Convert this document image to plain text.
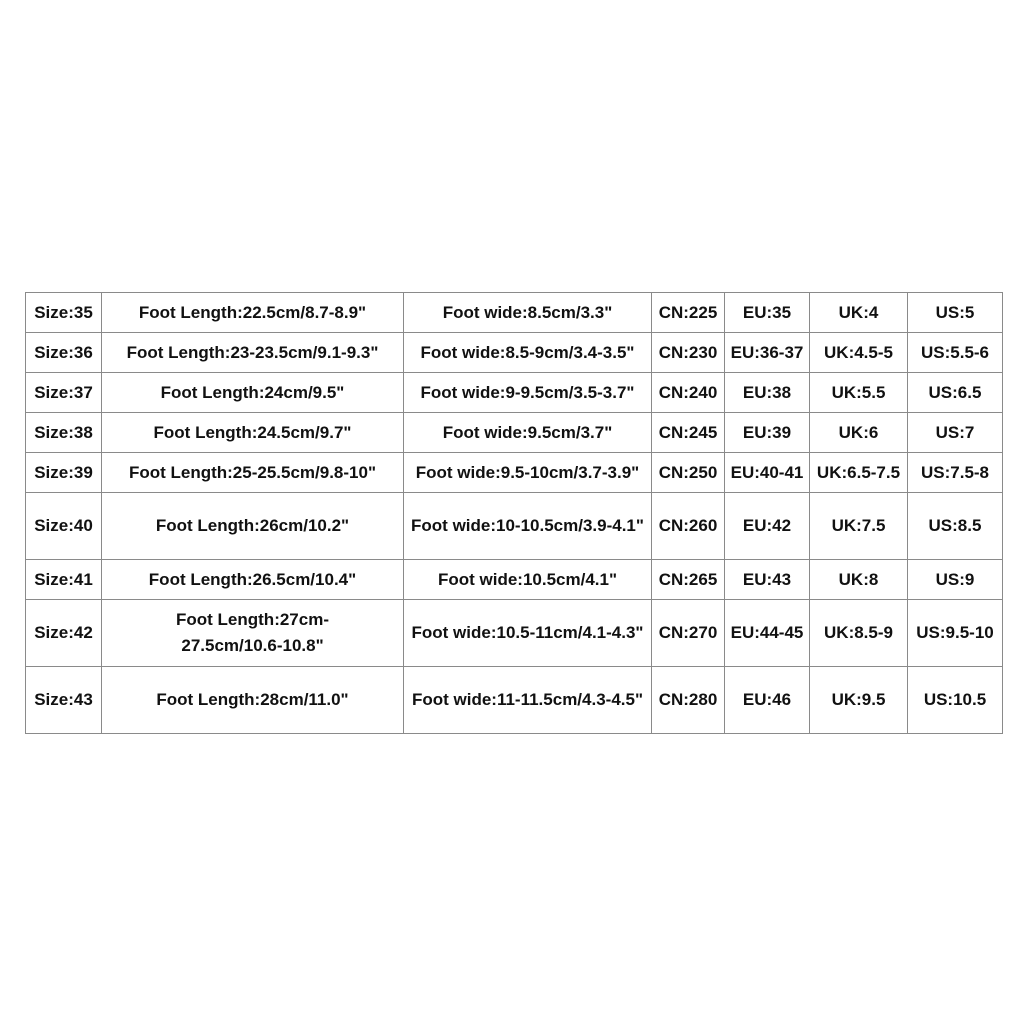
Size:35	Foot Length:22.5cm/8.7-8.9"	Foot wide:8.5cm/3.3"	CN:225	EU:35	UK:4	US:5
Size:36	Foot Length:23-23.5cm/9.1-9.3"	Foot wide:8.5-9cm/3.4-3.5"	CN:230	EU:36-37	UK:4.5-5	US:5.5-6
Size:37	Foot Length:24cm/9.5"	Foot wide:9-9.5cm/3.5-3.7"	CN:240	EU:38	UK:5.5	US:6.5
Size:38	Foot Length:24.5cm/9.7"	Foot wide:9.5cm/3.7"	CN:245	EU:39	UK:6	US:7
Size:39	Foot Length:25-25.5cm/9.8-10"	Foot wide:9.5-10cm/3.7-3.9"	CN:250	EU:40-41	UK:6.5-7.5	US:7.5-8
Size:40	Foot Length:26cm/10.2"	Foot wide:10-10.5cm/3.9-4.1"	CN:260	EU:42	UK:7.5	US:8.5
Size:41	Foot Length:26.5cm/10.4"	Foot wide:10.5cm/4.1"	CN:265	EU:43	UK:8	US:9
Size:42	Foot Length:27cm-27.5cm/10.6-10.8"	Foot wide:10.5-11cm/4.1-4.3"	CN:270	EU:44-45	UK:8.5-9	US:9.5-10
Size:43	Foot Length:28cm/11.0"	Foot wide:11-11.5cm/4.3-4.5"	CN:280	EU:46	UK:9.5	US:10.5
